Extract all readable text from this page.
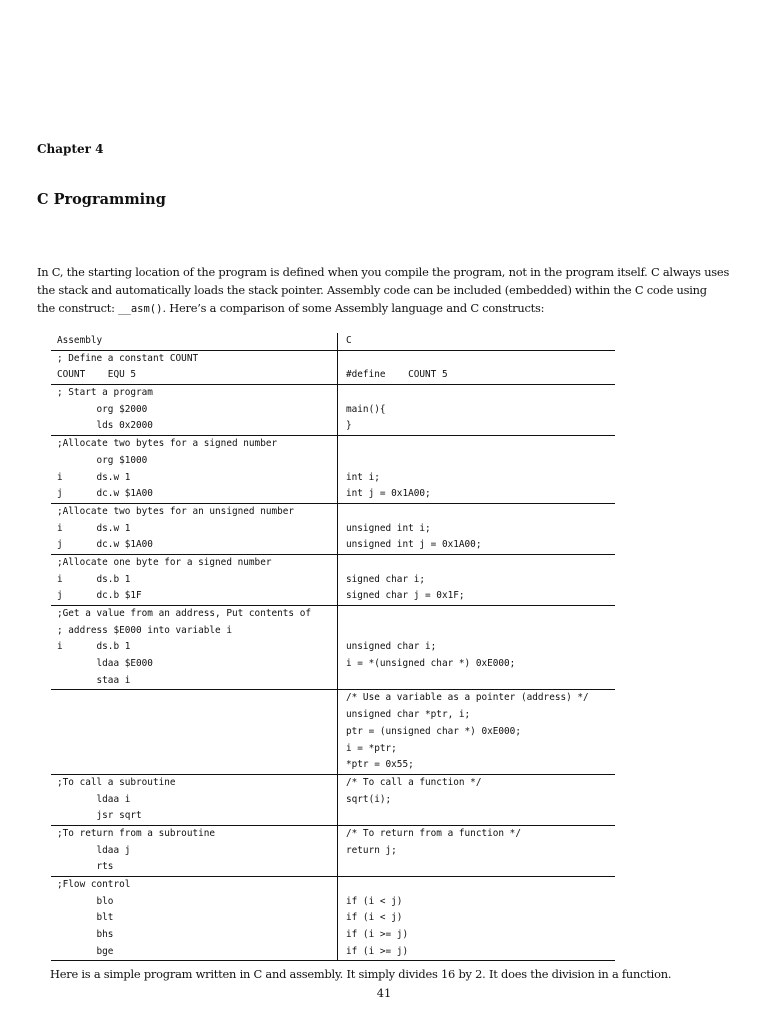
Chapter 4
C Programming

In C, the starting location of the program is defined when you compile the program, not in the program itself. C always uses

the stack and automatically loads the stack pointer. Assembly code can be included (embedded) within the C code using

the construct: __asm(). Here’s a comparison of some Assembly language and C constructs:

Assembly	C
; Define a constant COUNT
COUNT    EQU 5	#define    COUNT 5
; Start a program
org $2000
lds 0x2000
main(){
}
;Allocate two bytes for a signed number
org $1000
i      ds.w 1
j      dc.w $1A00
int i;
int j = 0x1A00;
;Allocate two bytes for an unsigned number
i      ds.w 1
j      dc.w $1A00
unsigned int i;
unsigned int j = 0x1A00;
;Allocate one byte for a signed number
i      ds.b 1
j      dc.b $1F
signed char i;
signed char j = 0x1F;
;Get a value from an address, Put contents of
; address $E000 into variable i
i      ds.b 1
ldaa $E000
staa i
unsigned char i;
i = *(unsigned char *) 0xE000;
/* Use a variable as a pointer (address) */
unsigned char *ptr, i;
ptr = (unsigned char *) 0xE000;
i = *ptr;
*ptr = 0x55;
;To call a subroutine
ldaa i
jsr sqrt
/* To call a function */
sqrt(i);
;To return from a subroutine
ldaa j
rts
/* To return from a function */
return j;
;Flow control
blo
blt
bhs
bge
if (i < j)
if (i < j)
if (i >= j)
if (i >= j)
Here is a simple program written in C and assembly. It simply divides 16 by 2. It does the division in a function.
41
